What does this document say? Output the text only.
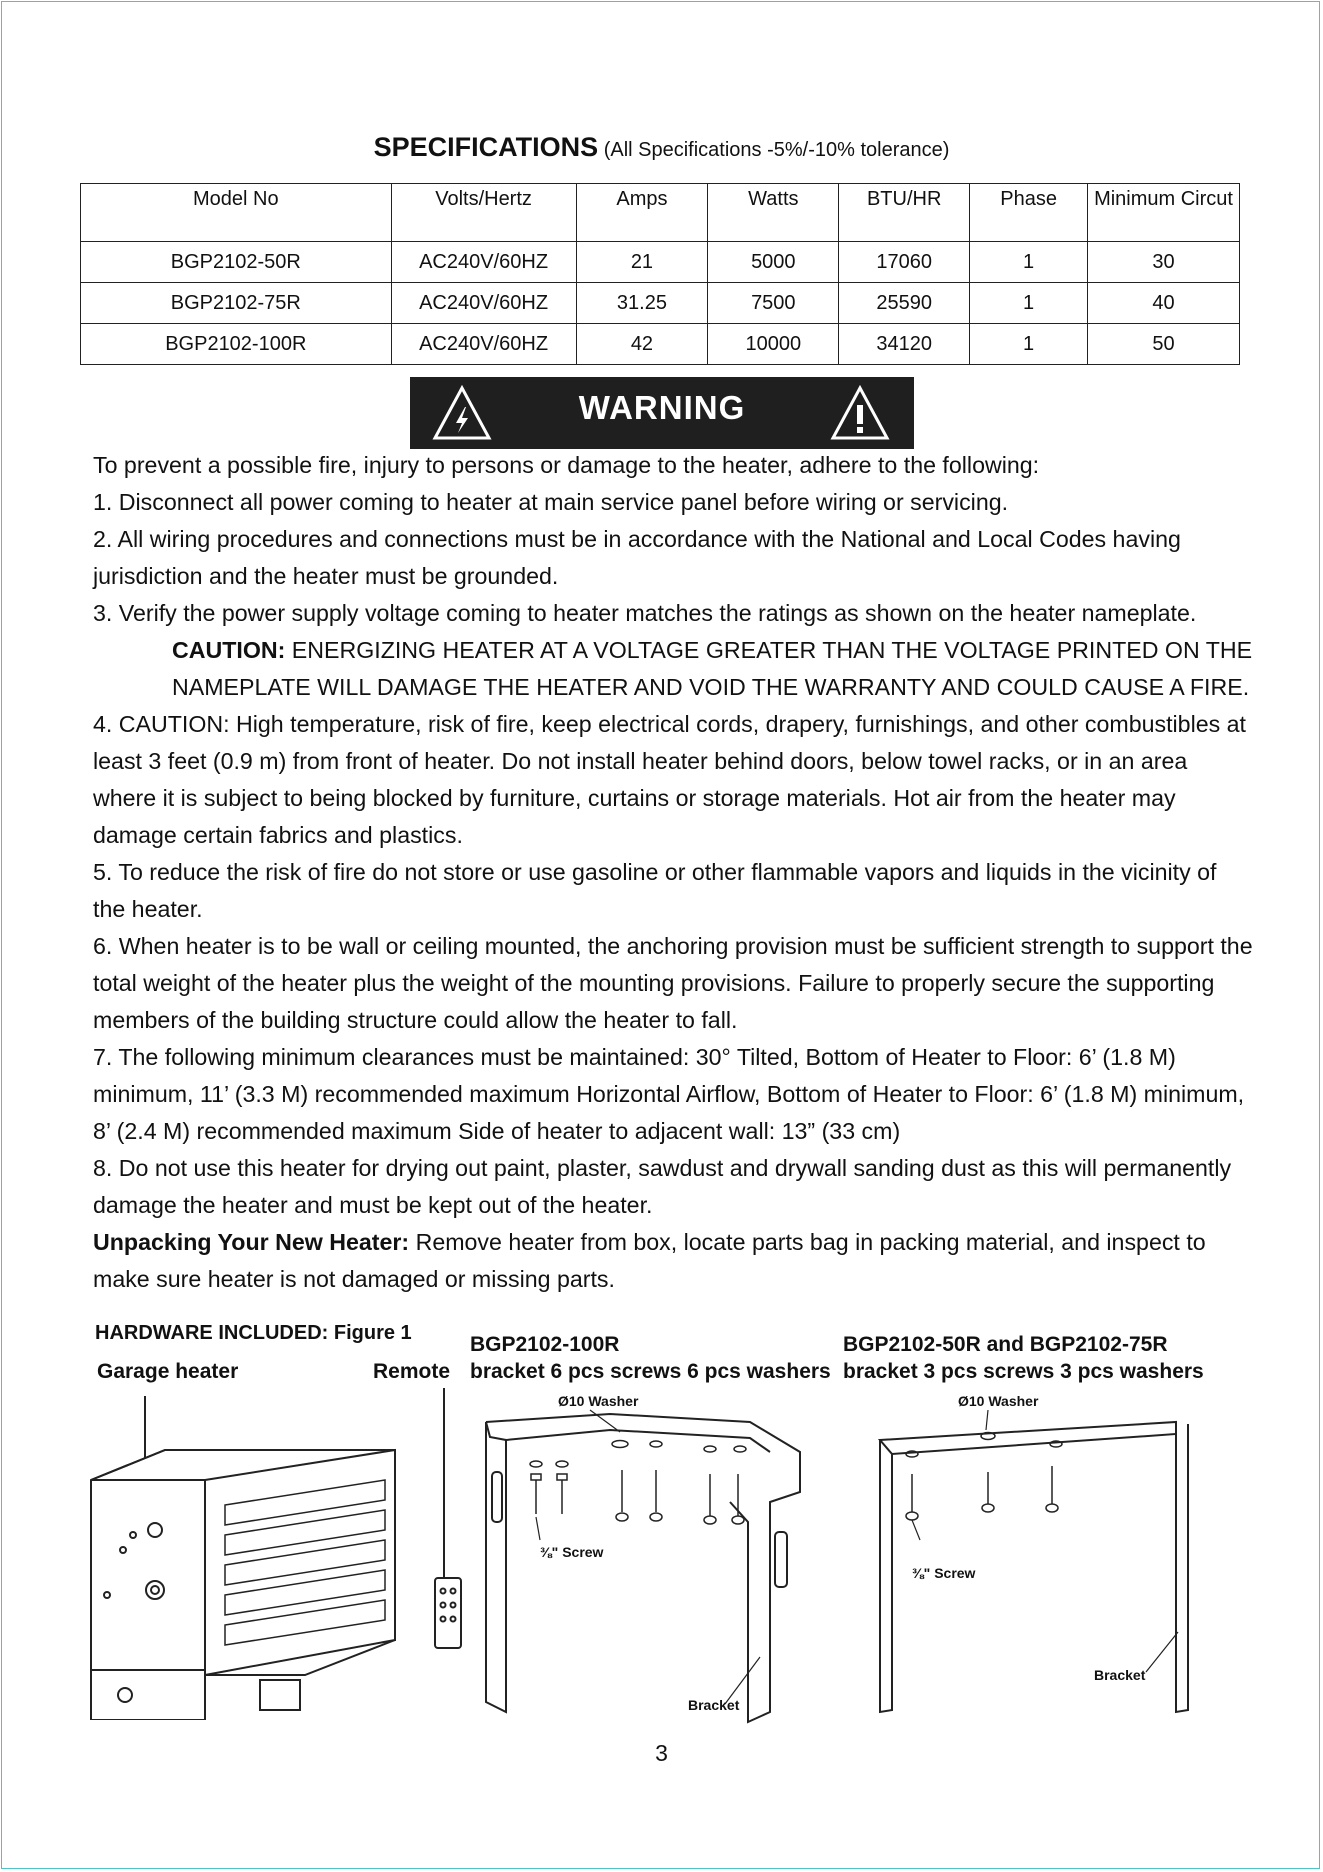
SPECIFICATIONS (All Specifications -5%/-10% tolerance)
Model No	Volts/Hertz	Amps	Watts	BTU/HR	Phase	Minimum Circut
BGP2102-50R	AC240V/60HZ	21	5000	17060	1	30
BGP2102-75R	AC240V/60HZ	31.25	7500	25590	1	40
BGP2102-100R	AC240V/60HZ	42	10000	34120	1	50
WARNING

To prevent a possible fire, injury to persons or damage to the heater, adhere to the following:

1. Disconnect all power coming to heater at main service panel before wiring or servicing.

2. All wiring procedures and connections must be in accordance with the National and Local Codes having jurisdiction and the heater must be grounded.

3. Verify the power supply voltage coming to heater matches the ratings as shown on the heater nameplate.

CAUTION: ENERGIZING HEATER AT A VOLTAGE GREATER THAN THE VOLTAGE PRINTED ON THE NAMEPLATE WILL DAMAGE THE HEATER AND VOID THE WARRANTY AND COULD CAUSE A FIRE.

4. CAUTION: High temperature, risk of fire, keep electrical cords, drapery, furnishings, and other combustibles at least 3 feet (0.9 m) from front of heater. Do not install heater behind doors, below towel racks, or in an area where it is subject to being blocked by furniture, curtains or storage materials. Hot air from the heater may damage certain fabrics and plastics.

5. To reduce the risk of fire do not store or use gasoline or other flammable vapors and liquids in the vicinity of the heater.

6. When heater is to be wall or ceiling mounted, the anchoring provision must be sufficient strength to support the total weight of the heater plus the weight of the mounting provisions. Failure to properly secure the supporting members of the building structure could allow the heater to fall.

7. The following minimum clearances must be maintained: 30° Tilted, Bottom of Heater to Floor: 6’ (1.8 M) minimum, 11’ (3.3 M) recommended maximum Horizontal Airflow, Bottom of Heater to Floor: 6’ (1.8 M) minimum, 8’ (2.4 M) recommended maximum Side of heater to adjacent wall: 13” (33 cm)

8. Do not use this heater for drying out paint, plaster, sawdust and drywall sanding dust as this will permanently damage the heater and must be kept out of the heater.

Unpacking Your New Heater: Remove heater from box, locate parts bag in packing material, and inspect to make sure heater is not damaged or missing parts.

HARDWARE INCLUDED: Figure 1
Garage heater	Remote
BGP2102-100R
bracket 6 pcs screws 6 pcs washers
BGP2102-50R and BGP2102-75R
bracket 3 pcs screws 3 pcs washers
Ø10 Washer
⅜" Screw
Bracket
Ø10 Washer
⅜" Screw
Bracket
3
